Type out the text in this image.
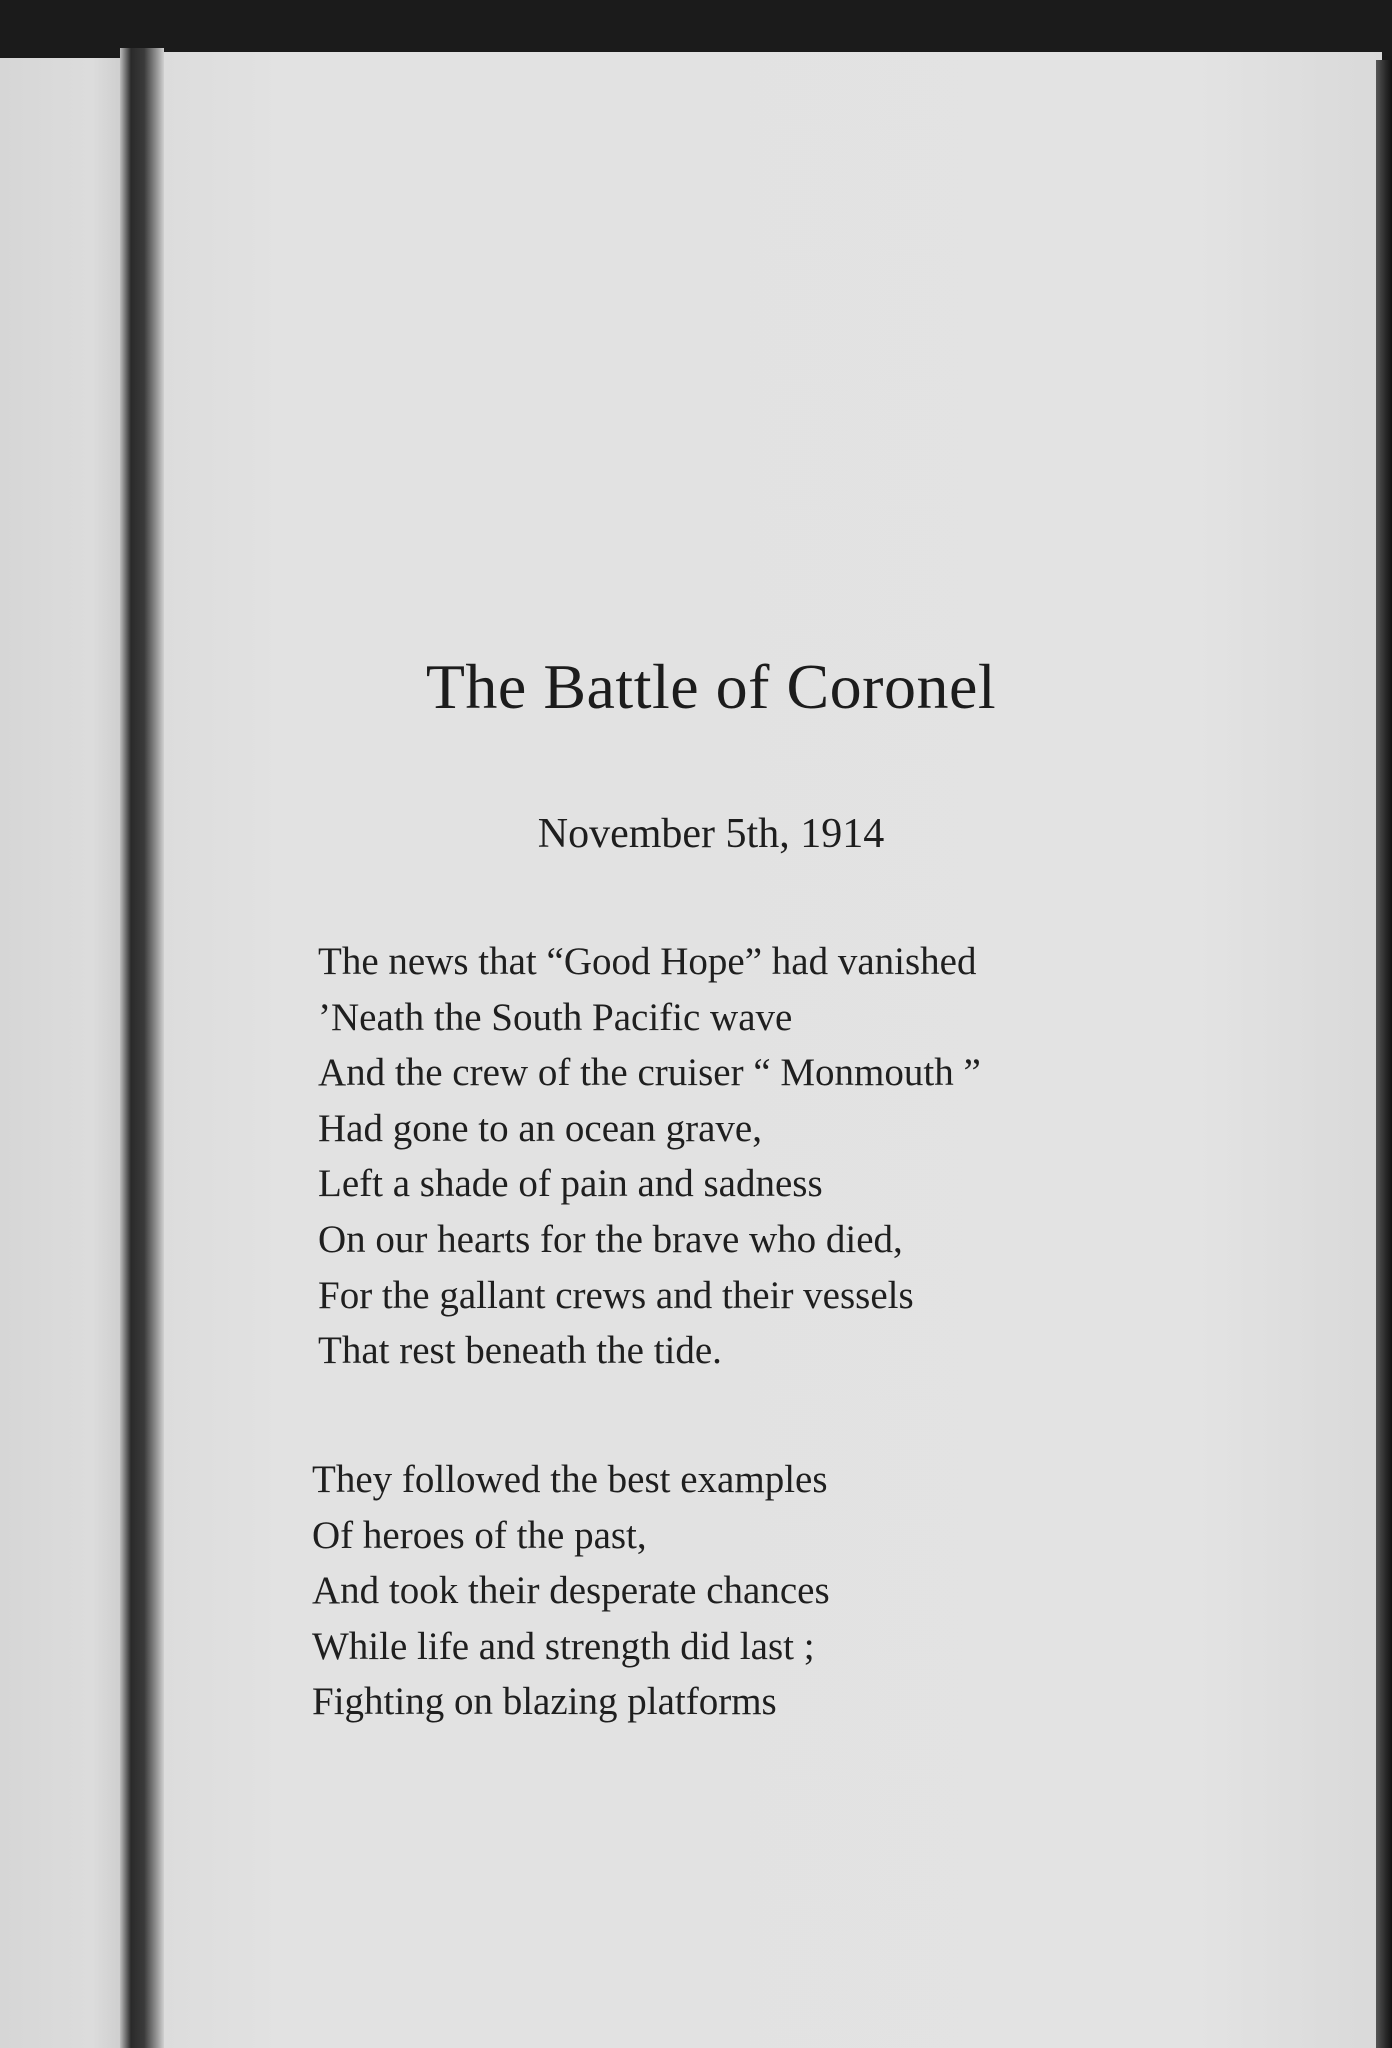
The Battle of Coronel
November 5th, 1914
The news that “Good Hope” had vanished
’Neath the South Pacific wave
And the crew of the cruiser “ Monmouth ”
Had gone to an ocean grave,
Left a shade of pain and sadness
On our hearts for the brave who died,
For the gallant crews and their vessels
That rest beneath the tide.
They followed the best examples
Of heroes of the past,
And took their desperate chances
While life and strength did last ;
Fighting on blazing platforms
